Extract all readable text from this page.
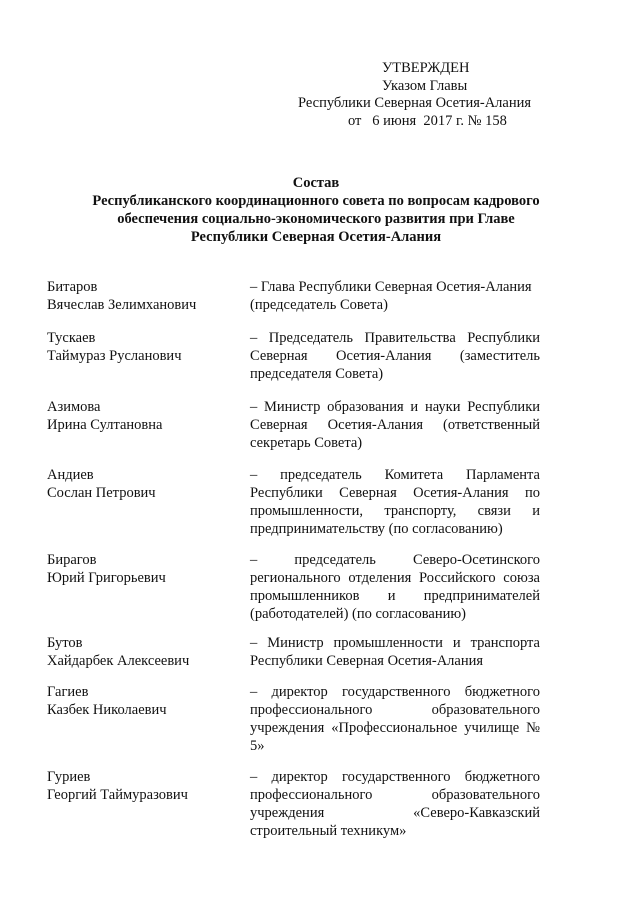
УТВЕРЖДЕН
Указом Главы
Республики Северная Осетия-Алания
от   6 июня  2017 г. № 158
Состав
Республиканского координационного совета по вопросам кадрового
обеспечения социально-экономического развития при Главе
Республики Северная Осетия-Алания
Битаров
Вячеслав Зелимханович
– Глава Республики Северная Осетия-Алания
(председатель Совета)
Тускаев
Таймураз Русланович
– Председатель Правительства Республики
Северная Осетия-Алания (заместитель
председателя Совета)
Азимова
Ирина Султановна
– Министр образования и науки Республики
Северная Осетия-Алания (ответственный
секретарь Совета)
Андиев
Сослан Петрович
– председатель Комитета Парламента
Республики Северная Осетия-Алания по
промышленности, транспорту, связи и
предпринимательству (по согласованию)
Бирагов
Юрий Григорьевич
– председатель Северо-Осетинского
регионального отделения Российского союза
промышленников и предпринимателей
(работодателей) (по согласованию)
Бутов
Хайдарбек Алексеевич
– Министр промышленности и транспорта
Республики Северная Осетия-Алания
Гагиев
Казбек Николаевич
– директор государственного бюджетного
профессионального образовательного
учреждения «Профессиональное училище №
5»
Гуриев
Георгий Таймуразович
– директор государственного бюджетного
профессионального образовательного
учреждения «Северо-Кавказский
строительный техникум»
